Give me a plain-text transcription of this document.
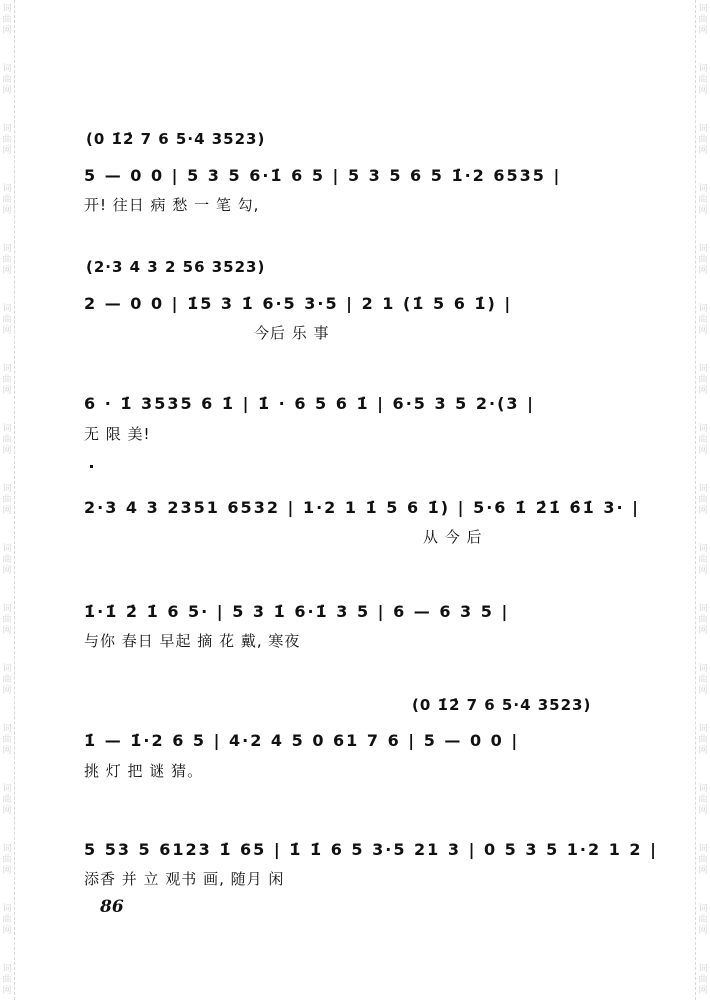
词
曲
网
词
曲
网
词
曲
网
词
曲
网
词
曲
网
词
曲
网
词
曲
网
词
曲
网
词
曲
网
词
曲
网
词
曲
网
词
曲
网
词
曲
网
词
曲
网
词
曲
网
词
曲
网
词
曲
网
词
曲
网
词
曲
网
词
曲
网
词
曲
网
词
曲
网
词
曲
网
词
曲
网
词
曲
网
词
曲
网
词
曲
网
词
曲
网
词
曲
网
词
曲
网
词
曲
网
词
曲
网
词
曲
网
词
曲
网
(0 1̇2̇ 7 6 5·4 3523)
5 — 0 0 | 5 3 5 6·1̇ 6 5 | 5 3 5 6 5 1̇·2 6535 |
开! 往日 病 愁 一 笔 勾,
(2·3 4 3 2 56 3523)
2 — 0 0 | 1̇5 3 1̇ 6·5 3·5 | 2 1 (1̇ 5 6 1̇) |
今后 乐 事
6 · 1̇ 3535 6 1̇ | 1̇ · 6 5 6 1̇ | 6·5 3 5 2·(3 |
无 限 美!
2·3 4 3 2351 6532 | 1·2 1 1̇ 5 6 1̇) | 5·6 1̇ 2̇1̇ 6̇1̇ 3· |
从 今 后
1̇·1̇ 2̇ 1̇ 6 5· | 5 3 1̇ 6·1̇ 3 5 | 6 — 6 3 5 |
与你 春日 早起 摘 花 戴, 寒夜
(0 1̇2̇ 7 6 5·4 3523)
1̇ — 1̇·2 6 5 | 4·2 4 5 0 61 7 6 | 5 — 0 0 |
挑 灯 把 谜 猜。
5 53 5 6123 1̇ 65 | 1̇ 1̇ 6 5 3·5 21 3 | 0 5 3 5 1·2 1 2 |
添香 并 立 观书 画, 随月 闲
86
